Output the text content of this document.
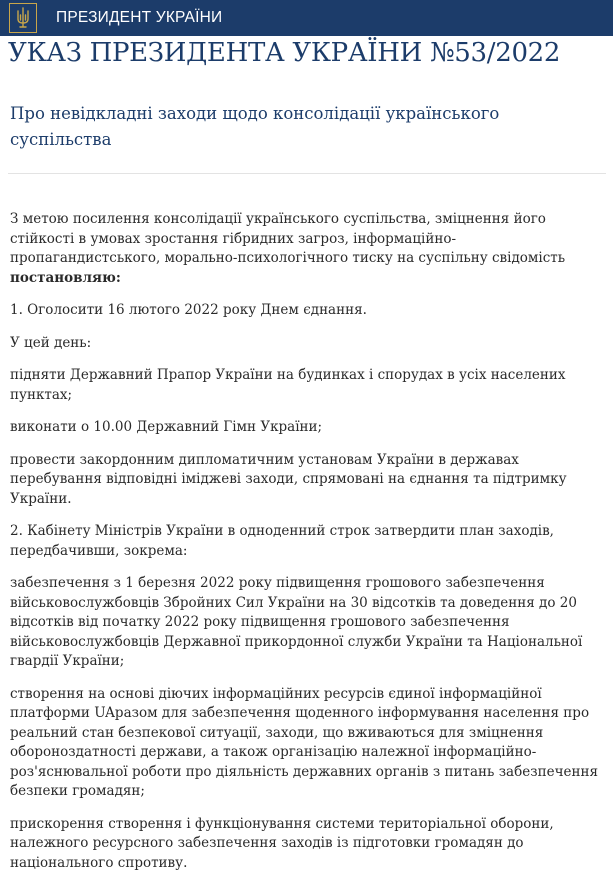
ПРЕЗИДЕНТ УКРАЇНИ
УКАЗ ПРЕЗИДЕНТА УКРАЇНИ №53/2022
Про невідкладні заходи щодо консолідації українського суспільства

З метою посилення консолідації українського суспільства, зміцнення його стійкості в умовах зростання гібридних загроз, інформаційно-пропагандистського, морально-психологічного тиску на суспільну свідомість постановляю:

1. Оголосити 16 лютого 2022 року Днем єднання.

У цей день:

підняти Державний Прапор України на будинках і спорудах в усіх населених пунктах;

виконати о 10.00 Державний Гімн України;

провести закордонним дипломатичним установам України в державах перебування відповідні іміджеві заходи, спрямовані на єднання та підтримку України.

2. Кабінету Міністрів України в одноденний строк затвердити план заходів, передбачивши, зокрема:

забезпечення з 1 березня 2022 року підвищення грошового забезпечення військовослужбовців Збройних Сил України на 30 відсотків та доведення до 20 відсотків від початку 2022 року підвищення грошового забезпечення військовослужбовців Державної прикордонної служби України та Національної гвардії України;

створення на основі діючих інформаційних ресурсів єдиної інформаційної платформи UAразом для забезпечення щоденного інформування населення про реальний стан безпекової ситуації, заходи, що вживаються для зміцнення обороноздатності держави, а також організацію належної інформаційно-роз'яснювальної роботи про діяльність державних органів з питань забезпечення безпеки громадян;

прискорення створення і функціонування системи територіальної оборони, належного ресурсного забезпечення заходів із підготовки громадян до національного спротиву.
